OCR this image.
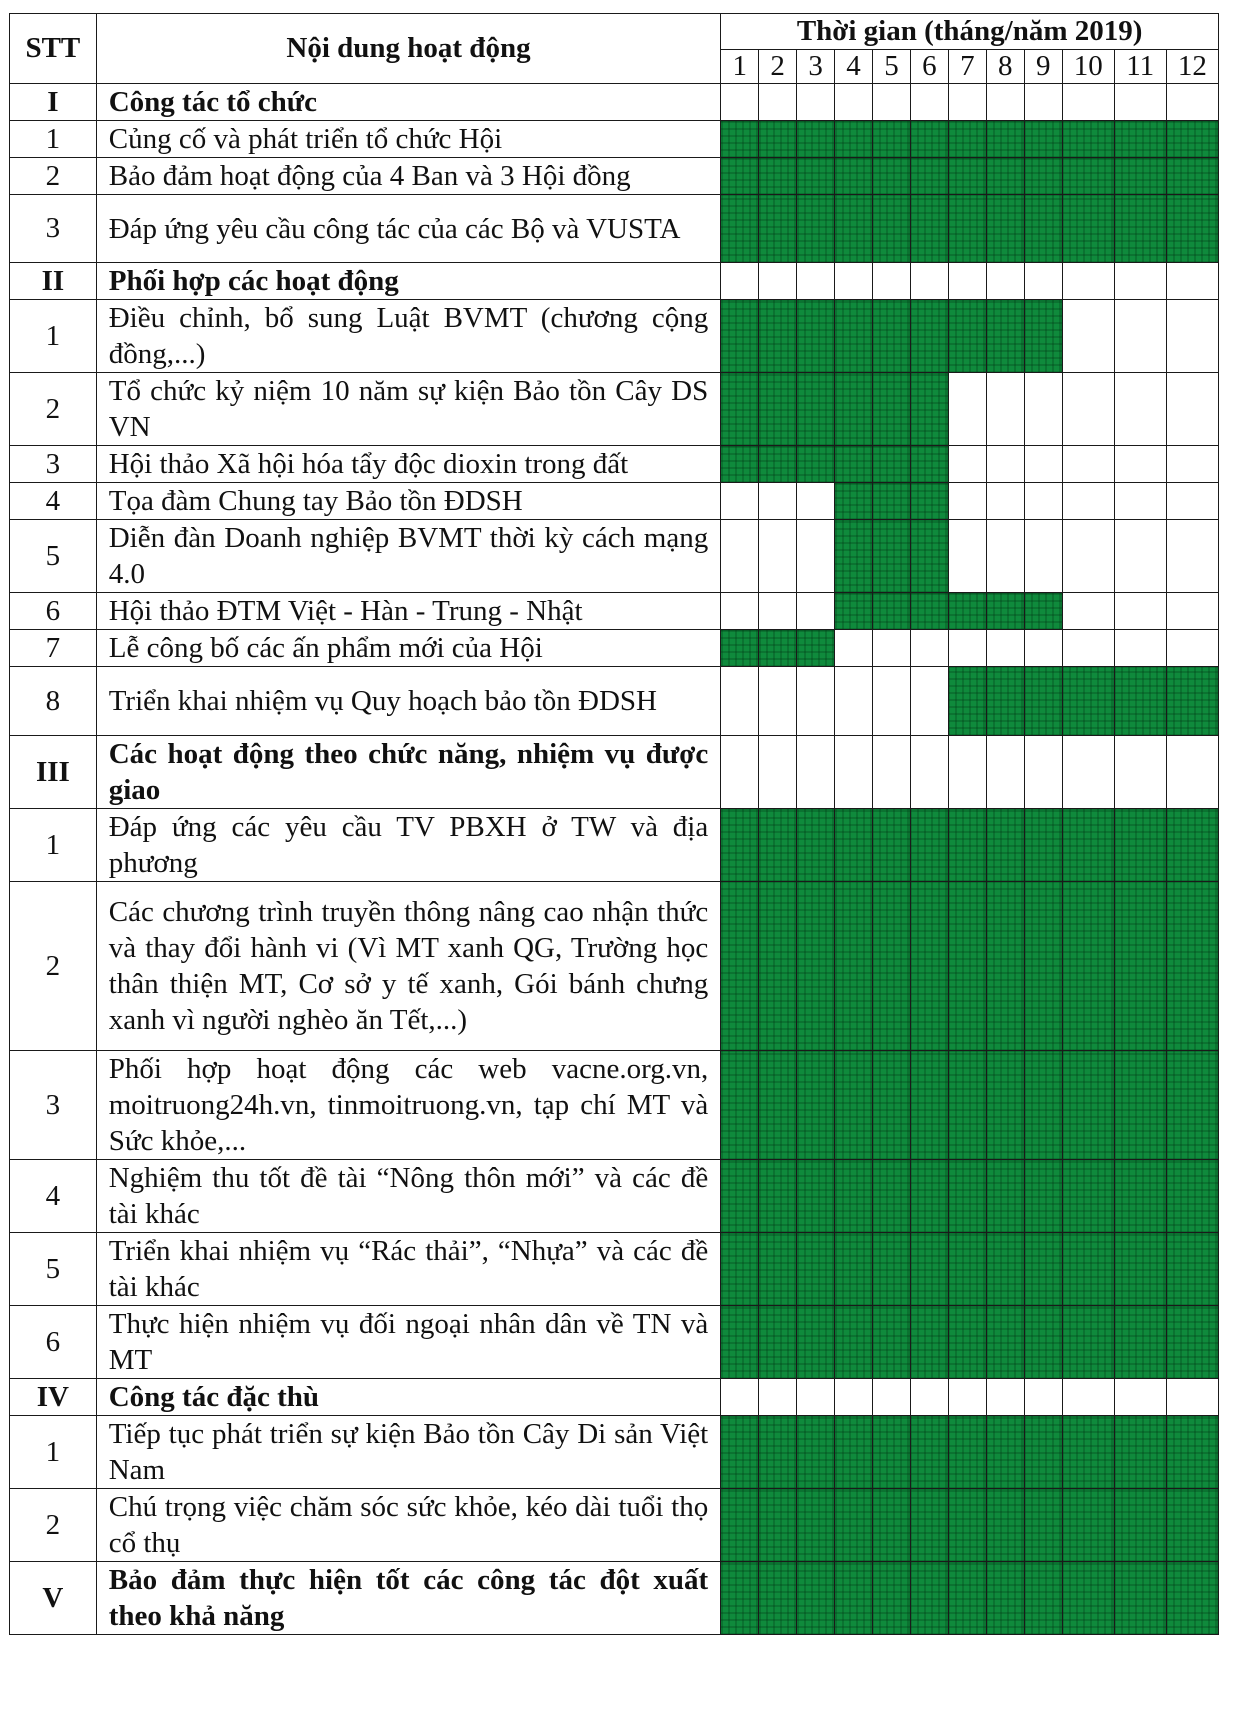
STT	Nội dung hoạt động	Thời gian (tháng/năm 2019)											
		1	2	3	4	5	6	7	8	9	10	11	12
I	Công tác tổ chức												
1	Củng cố và phát triển tổ chức Hội												
2	Bảo đảm hoạt động của 4 Ban và 3 Hội đồng												
3	Đáp ứng yêu cầu công tác của các Bộ và VUSTA												
II	Phối hợp các hoạt động												
1	Điều chỉnh, bổ sung Luật BVMT (chương cộng đồng,...)												
2	Tổ chức kỷ niệm 10 năm sự kiện Bảo tồn Cây DS VN												
3	Hội thảo Xã hội hóa tẩy độc dioxin trong đất												
4	Tọa đàm Chung tay Bảo tồn ĐDSH												
5	Diễn đàn Doanh nghiệp BVMT thời kỳ cách mạng 4.0												
6	Hội thảo ĐTM Việt - Hàn - Trung - Nhật												
7	Lễ công bố các ấn phẩm mới của Hội												
8	Triển khai nhiệm vụ Quy hoạch bảo tồn ĐDSH												
III	Các hoạt động theo chức năng, nhiệm vụ được giao												
1	Đáp ứng các yêu cầu TV PBXH ở TW và địa phương												
2	Các chương trình truyền thông nâng cao nhận thức và thay đổi hành vi (Vì MT xanh QG, Trường học thân thiện MT, Cơ sở y tế xanh, Gói bánh chưng xanh vì người nghèo ăn Tết,...)												
3	Phối hợp hoạt động các web vacne.org.vn, moitruong24h.vn, tinmoitruong.vn, tạp chí MT và Sức khỏe,...												
4	Nghiệm thu tốt đề tài “Nông thôn mới” và các đề tài khác												
5	Triển khai nhiệm vụ “Rác thải”, “Nhựa” và các đề tài khác												
6	Thực hiện nhiệm vụ đối ngoại nhân dân về TN và MT												
IV	Công tác đặc thù												
1	Tiếp tục phát triển sự kiện Bảo tồn Cây Di sản Việt Nam												
2	Chú trọng việc chăm sóc sức khỏe, kéo dài tuổi thọ cổ thụ												
V	Bảo đảm thực hiện tốt các công tác đột xuất theo khả năng												
